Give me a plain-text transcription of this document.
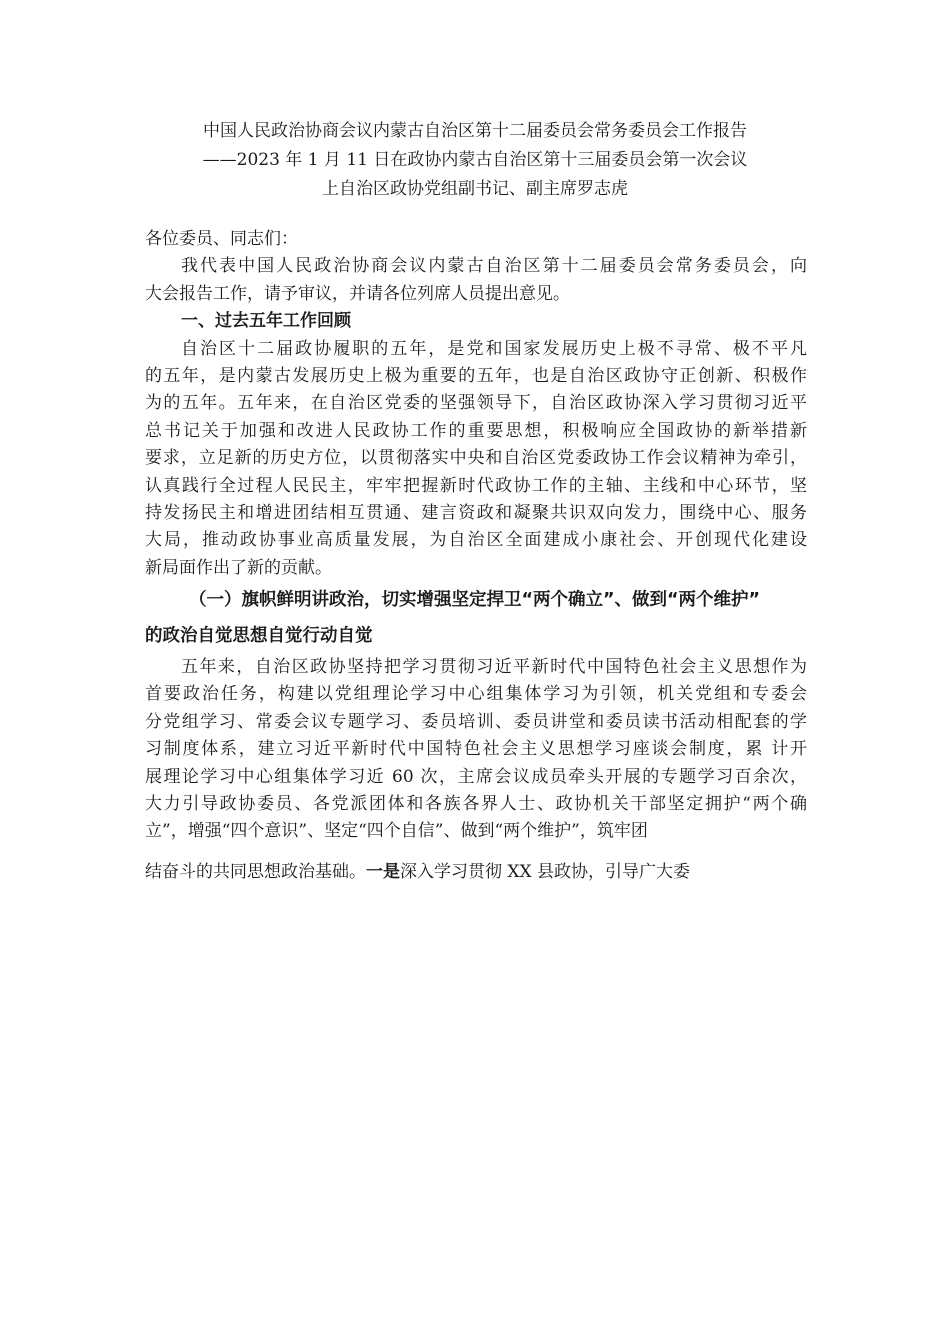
中国人民政治协商会议内蒙古自治区第十二届委员会常务委员会工作报告
——2023 年 1 月 11 日在政协内蒙古自治区第十三届委员会第一次会议
上自治区政协党组副书记、副主席罗志虎
各位委员、同志们：
我代表中国人民政治协商会议内蒙古自治区第十二届委员会常务委员会，向
大会报告工作，请予审议，并请各位列席人员提出意见。
一、过去五年工作回顾
自治区十二届政协履职的五年，是党和国家发展历史上极不寻常、极不平凡
的五年，是内蒙古发展历史上极为重要的五年，也是自治区政协守正创新、积极作
为的五年。五年来，在自治区党委的坚强领导下，自治区政协深入学习贯彻习近平
总书记关于加强和改进人民政协工作的重要思想，积极响应全国政协的新举措新
要求，立足新的历史方位，以贯彻落实中央和自治区党委政协工作会议精神为牵引，
认真践行全过程人民民主，牢牢把握新时代政协工作的主轴、主线和中心环节，坚
持发扬民主和增进团结相互贯通、建言资政和凝聚共识双向发力，围绕中心、服务
大局，推动政协事业高质量发展，为自治区全面建成小康社会、开创现代化建设
新局面作出了新的贡献。
（一）旗帜鲜明讲政治，切实增强坚定捍卫“两个确立”、做到“两个维护”
的政治自觉思想自觉行动自觉
五年来，自治区政协坚持把学习贯彻习近平新时代中国特色社会主义思想作为
首要政治任务，构建以党组理论学习中心组集体学习为引领，机关党组和专委会
分党组学习、常委会议专题学习、委员培训、委员讲堂和委员读书活动相配套的学
习制度体系，建立习近平新时代中国特色社会主义思想学习座谈会制度，累 计开
展理论学习中心组集体学习近 60 次，主席会议成员牵头开展的专题学习百余次，
大力引导政协委员、各党派团体和各族各界人士、政协机关干部坚定拥护“两个确
立”，增强“四个意识”、坚定“四个自信”、做到“两个维护”，筑牢团
结奋斗的共同思想政治基础。一是深入学习贯彻 XX 县政协，引导广大委
